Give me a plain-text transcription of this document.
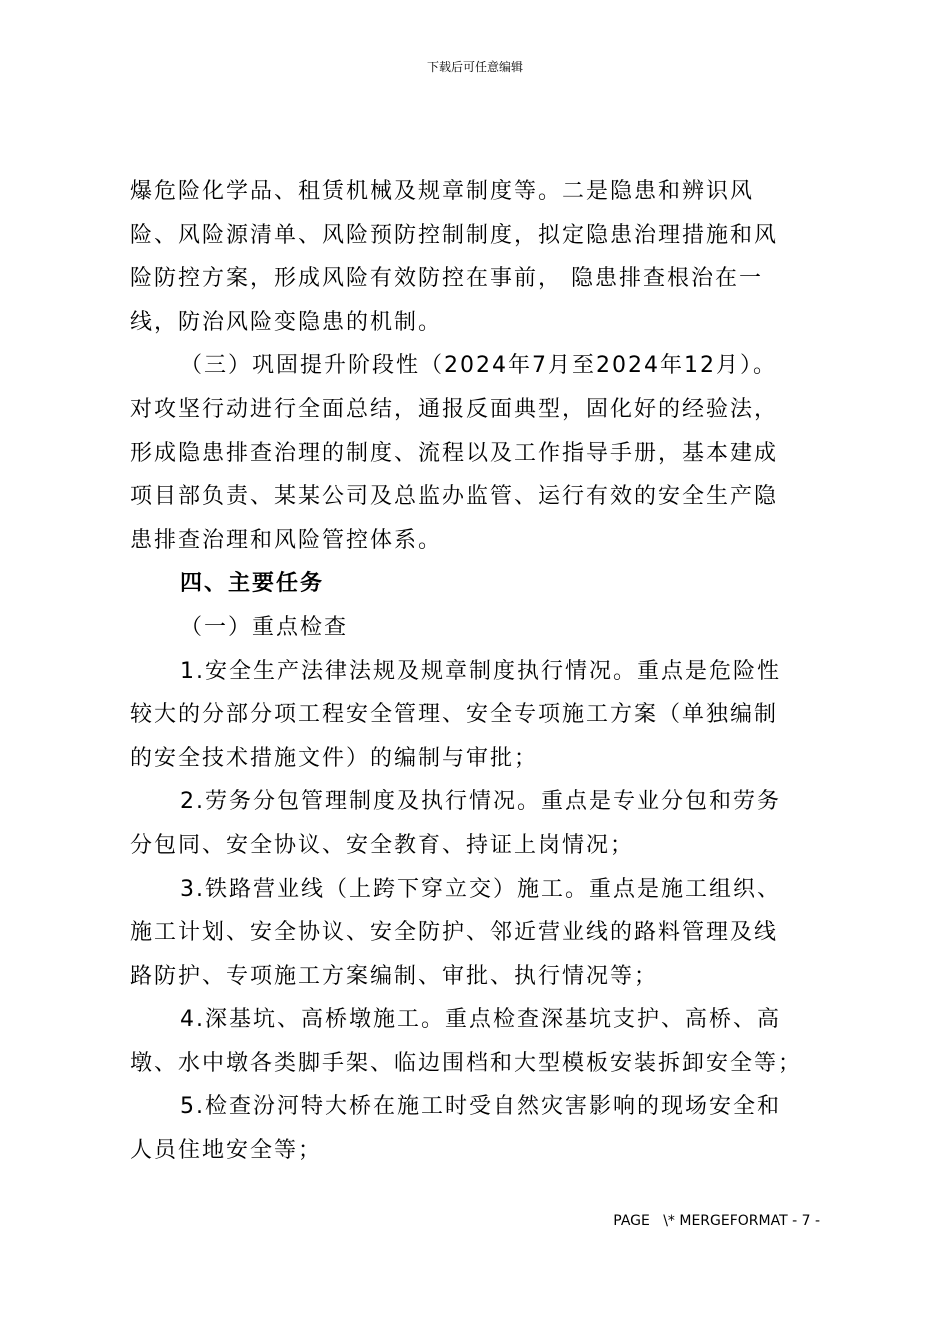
下载后可任意编辑

爆危险化学品、租赁机械及规章制度等。二是隐患和辨识风

险、风险源清单、风险预防控制制度，拟定隐患治理措施和风

险防控方案，形成风险有效防控在事前， 隐患排查根治在一

线，防治风险变隐患的机制。

（三）巩固提升阶段性（2024年7月至2024年12月）。

对攻坚行动进行全面总结，通报反面典型，固化好的经验法，

形成隐患排查治理的制度、流程以及工作指导手册，基本建成

项目部负责、某某公司及总监办监管、运行有效的安全生产隐

患排查治理和风险管控体系。

四、主要任务

（一）重点检查

1.安全生产法律法规及规章制度执行情况。重点是危险性

较大的分部分项工程安全管理、安全专项施工方案（单独编制

的安全技术措施文件）的编制与审批；

2.劳务分包管理制度及执行情况。重点是专业分包和劳务

分包同、安全协议、安全教育、持证上岗情况；

3.铁路营业线（上跨下穿立交）施工。重点是施工组织、

施工计划、安全协议、安全防护、邻近营业线的路料管理及线

路防护、专项施工方案编制、审批、执行情况等；

4.深基坑、高桥墩施工。重点检查深基坑支护、高桥、高

墩、水中墩各类脚手架、临边围档和大型模板安装拆卸安全等；

5.检查汾河特大桥在施工时受自然灾害影响的现场安全和

人员住地安全等；

PAGE   \* MERGEFORMAT - 7 -
